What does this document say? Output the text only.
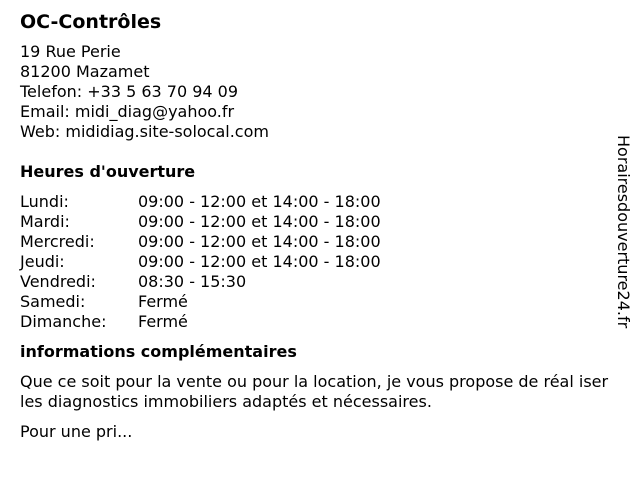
OC-Contrôles
19 Rue Perie
81200 Mazamet
Telefon: +33 5 63 70 94 09
Email: midi_diag@yahoo.fr
Web: mididiag.site-solocal.com
Heures d'ouverture
Lundi:	09:00 - 12:00 et 14:00 - 18:00
Mardi:	09:00 - 12:00 et 14:00 - 18:00
Mercredi:	09:00 - 12:00 et 14:00 - 18:00
Jeudi:	09:00 - 12:00 et 14:00 - 18:00
Vendredi:	08:30 - 15:30
Samedi:	Fermé
Dimanche:	Fermé
informations complémentaires

Que ce soit pour la vente ou pour la location, je vous propose de réal iser les diagnostics immobiliers adaptés et nécessaires.

Pour une pri...

Horairesdouverture24.fr
